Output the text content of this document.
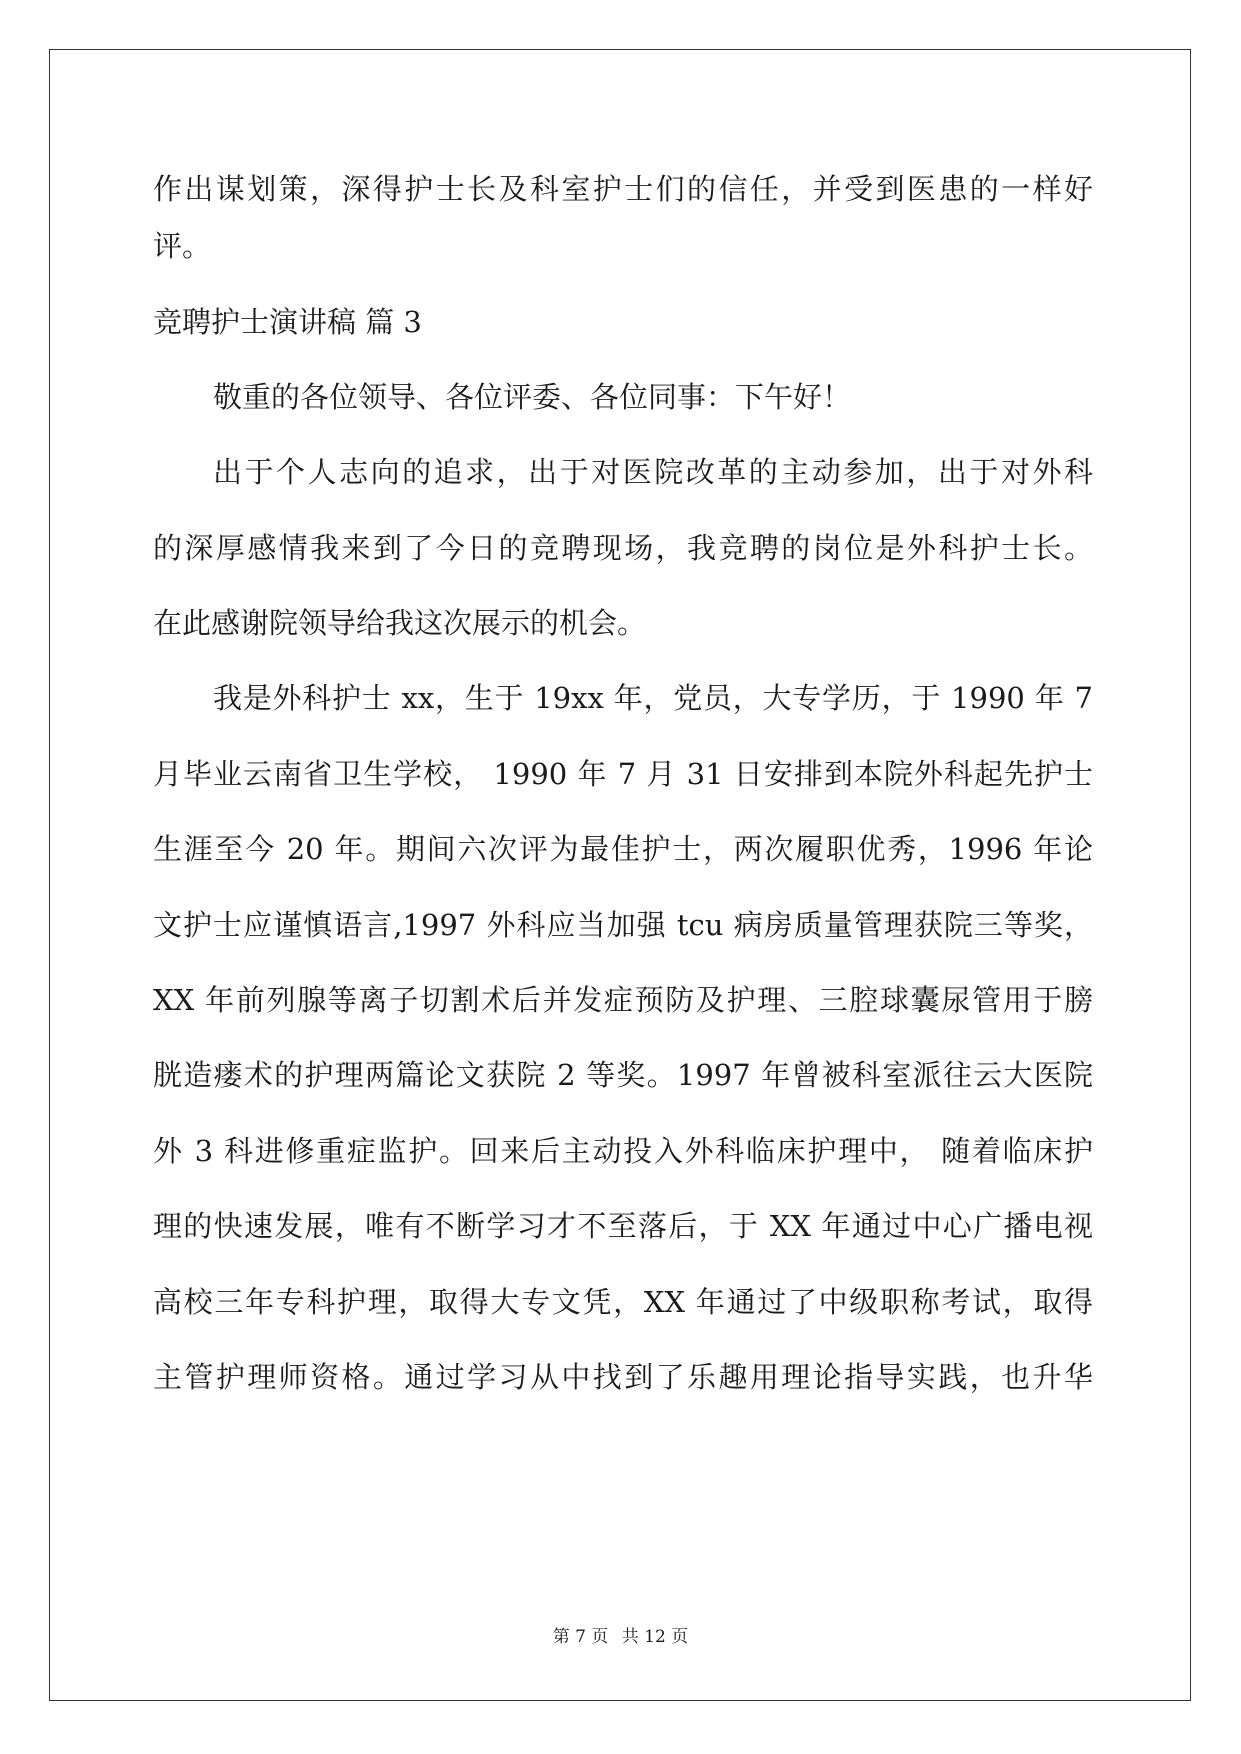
作出谋划策，深得护士长及科室护士们的信任，并受到医患的一样好
评。
竞聘护士演讲稿 篇 3
敬重的各位领导、各位评委、各位同事：下午好！
出于个人志向的追求，出于对医院改革的主动参加，出于对外科
的深厚感情我来到了今日的竞聘现场，我竞聘的岗位是外科护士长。
在此感谢院领导给我这次展示的机会。
我是外科护士 xx，生于 19xx 年，党员，大专学历，于 1990 年 7
月毕业云南省卫生学校， 1990 年 7 月 31 日安排到本院外科起先护士
生涯至今 20 年。期间六次评为最佳护士，两次履职优秀，1996 年论
文护士应谨慎语言,1997 外科应当加强 tcu 病房质量管理获院三等奖，
XX 年前列腺等离子切割术后并发症预防及护理、三腔球囊尿管用于膀
胱造瘘术的护理两篇论文获院 2 等奖。1997 年曾被科室派往云大医院
外 3 科进修重症监护。回来后主动投入外科临床护理中， 随着临床护
理的快速发展，唯有不断学习才不至落后，于 XX 年通过中心广播电视
高校三年专科护理，取得大专文凭，XX 年通过了中级职称考试，取得
主管护理师资格。通过学习从中找到了乐趣用理论指导实践，也升华
第 7 页 共 12 页
